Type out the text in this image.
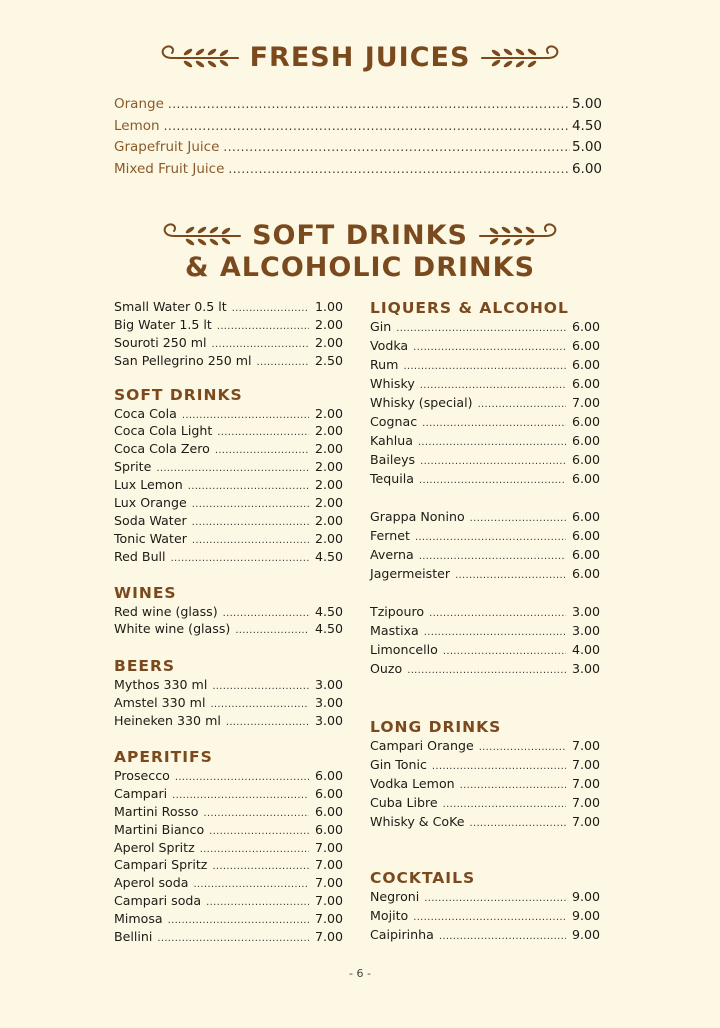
FRESH JUICES
Orange .....	5.00
Lemon .....	4.50
Grapefruit Juice .....	5.00
Mixed Fruit Juice .....	6.00
SOFT DRINKS
& ALCOHOLIC DRINKS
Small Water 0.5 lt .....	1.00
Big Water 1.5 lt .....	2.00
Souroti 250 ml .....	2.00
San Pellegrino 250 ml .....	2.50
SOFT DRINKS
Coca Cola .....	2.00
Coca Cola Light .....	2.00
Coca Cola Zero .....	2.00
Sprite .....	2.00
Lux Lemon .....	2.00
Lux Orange .....	2.00
Soda Water .....	2.00
Tonic Water .....	2.00
Red Bull .....	4.50
WINES
Red wine (glass) .....	4.50
White wine (glass) .....	4.50
BEERS
Mythos 330 ml .....	3.00
Amstel 330 ml .....	3.00
Heineken 330 ml .....	3.00
APERITIFS
Prosecco .....	6.00
Campari .....	6.00
Martini Rosso .....	6.00
Martini Bianco .....	6.00
Aperol Spritz .....	7.00
Campari Spritz .....	7.00
Aperol soda .....	7.00
Campari soda .....	7.00
Mimosa .....	7.00
Bellini .....	7.00
LIQUERS & ALCOHOL
Gin .....	6.00
Vodka .....	6.00
Rum .....	6.00
Whisky .....	6.00
Whisky (special) .....	7.00
Cognac .....	6.00
Kahlua .....	6.00
Baileys .....	6.00
Tequila .....	6.00
Grappa Nonino .....	6.00
Fernet .....	6.00
Averna .....	6.00
Jagermeister .....	6.00
Tzipouro .....	3.00
Mastixa .....	3.00
Limoncello .....	4.00
Ouzo .....	3.00
LONG DRINKS
Campari Orange .....	7.00
Gin Tonic .....	7.00
Vodka Lemon .....	7.00
Cuba Libre .....	7.00
Whisky & CoKe .....	7.00
COCKTAILS
Negroni .....	9.00
Mojito .....	9.00
Caipirinha .....	9.00
- 6 -
